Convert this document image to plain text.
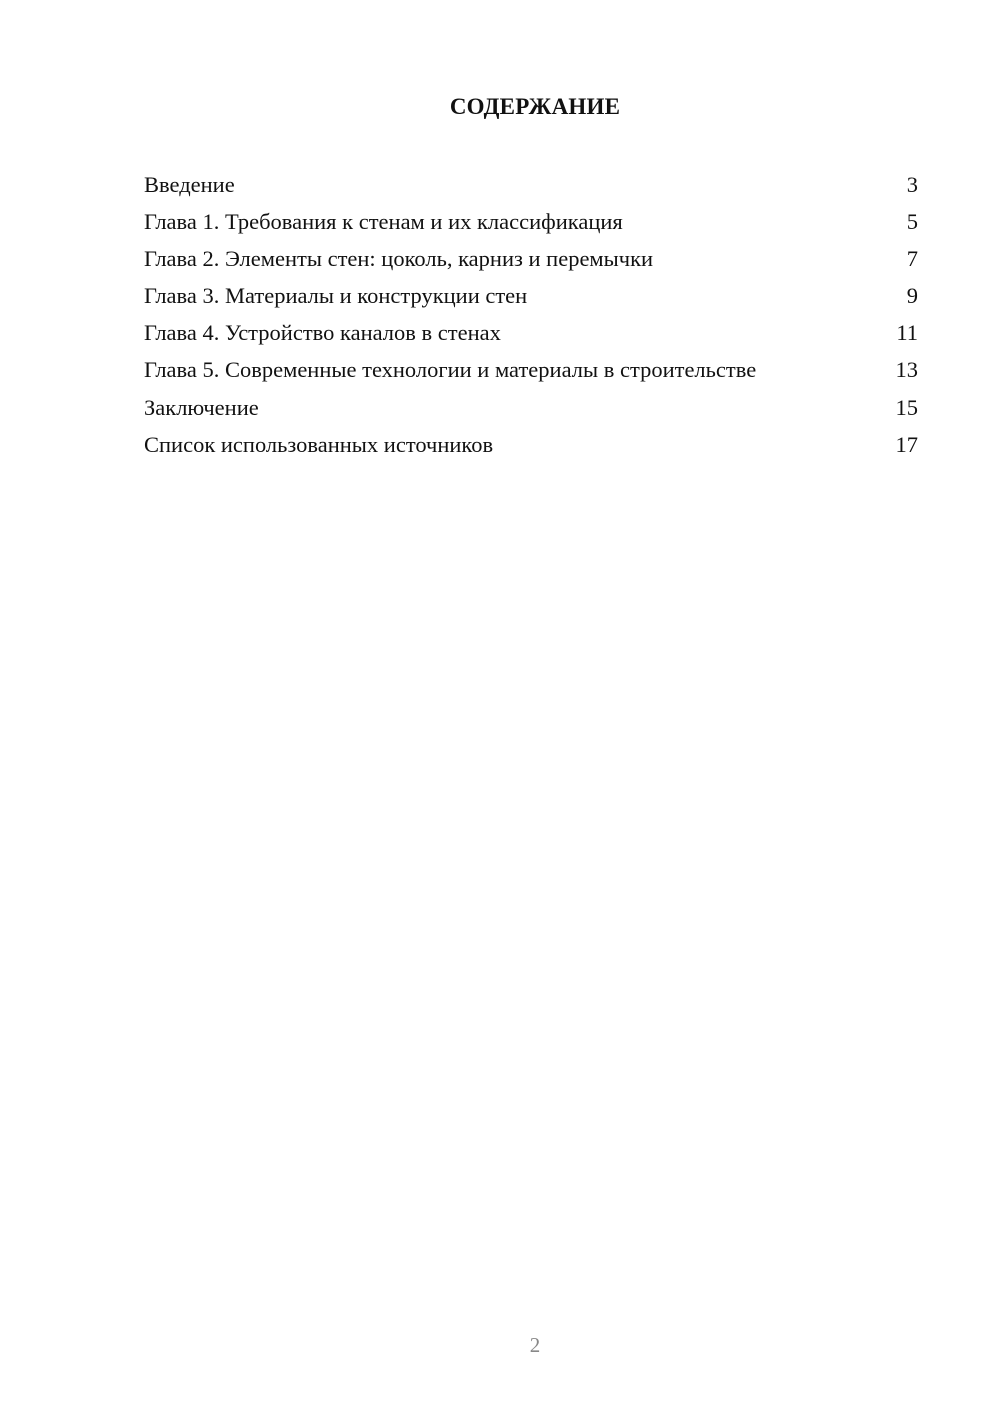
СОДЕРЖАНИЕ
Введение	3
Глава 1. Требования к стенам и их классификация	5
Глава 2. Элементы стен: цоколь, карниз и перемычки	7
Глава 3. Материалы и конструкции стен	9
Глава 4. Устройство каналов в стенах	11
Глава 5. Современные технологии и материалы в строительстве	13
Заключение	15
Список использованных источников	17
2
